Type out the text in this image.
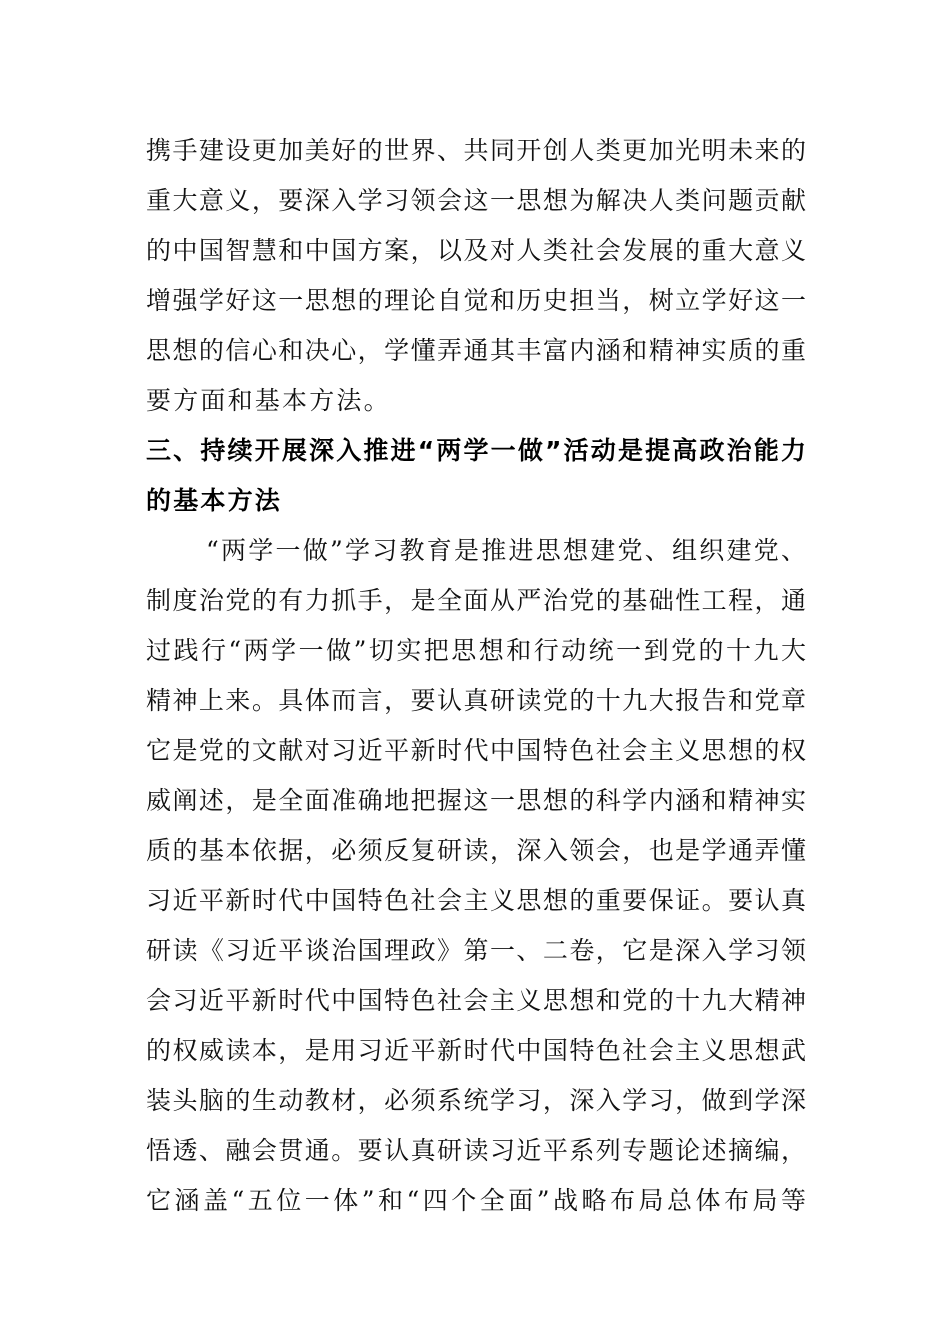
携手建设更加美好的世界、共同开创人类更加光明未来的
重大意义，要深入学习领会这一思想为解决人类问题贡献
的中国智慧和中国方案，以及对人类社会发展的重大意义
增强学好这一思想的理论自觉和历史担当，树立学好这一
思想的信心和决心，学懂弄通其丰富内涵和精神实质的重
要方面和基本方法。
三、持续开展深入推进“两学一做”活动是提高政治能力
的基本方法
“两学一做”学习教育是推进思想建党、组织建党、
制度治党的有力抓手，是全面从严治党的基础性工程，通
过践行“两学一做”切实把思想和行动统一到党的十九大
精神上来。具体而言，要认真研读党的十九大报告和党章
它是党的文献对习近平新时代中国特色社会主义思想的权
威阐述，是全面准确地把握这一思想的科学内涵和精神实
质的基本依据，必须反复研读，深入领会，也是学通弄懂
习近平新时代中国特色社会主义思想的重要保证。要认真
研读《习近平谈治国理政》第一、二卷，它是深入学习领
会习近平新时代中国特色社会主义思想和党的十九大精神
的权威读本，是用习近平新时代中国特色社会主义思想武
装头脑的生动教材，必须系统学习，深入学习，做到学深
悟透、融会贯通。要认真研读习近平系列专题论述摘编，
它涵盖“五位一体”和“四个全面”战略布局总体布局等
